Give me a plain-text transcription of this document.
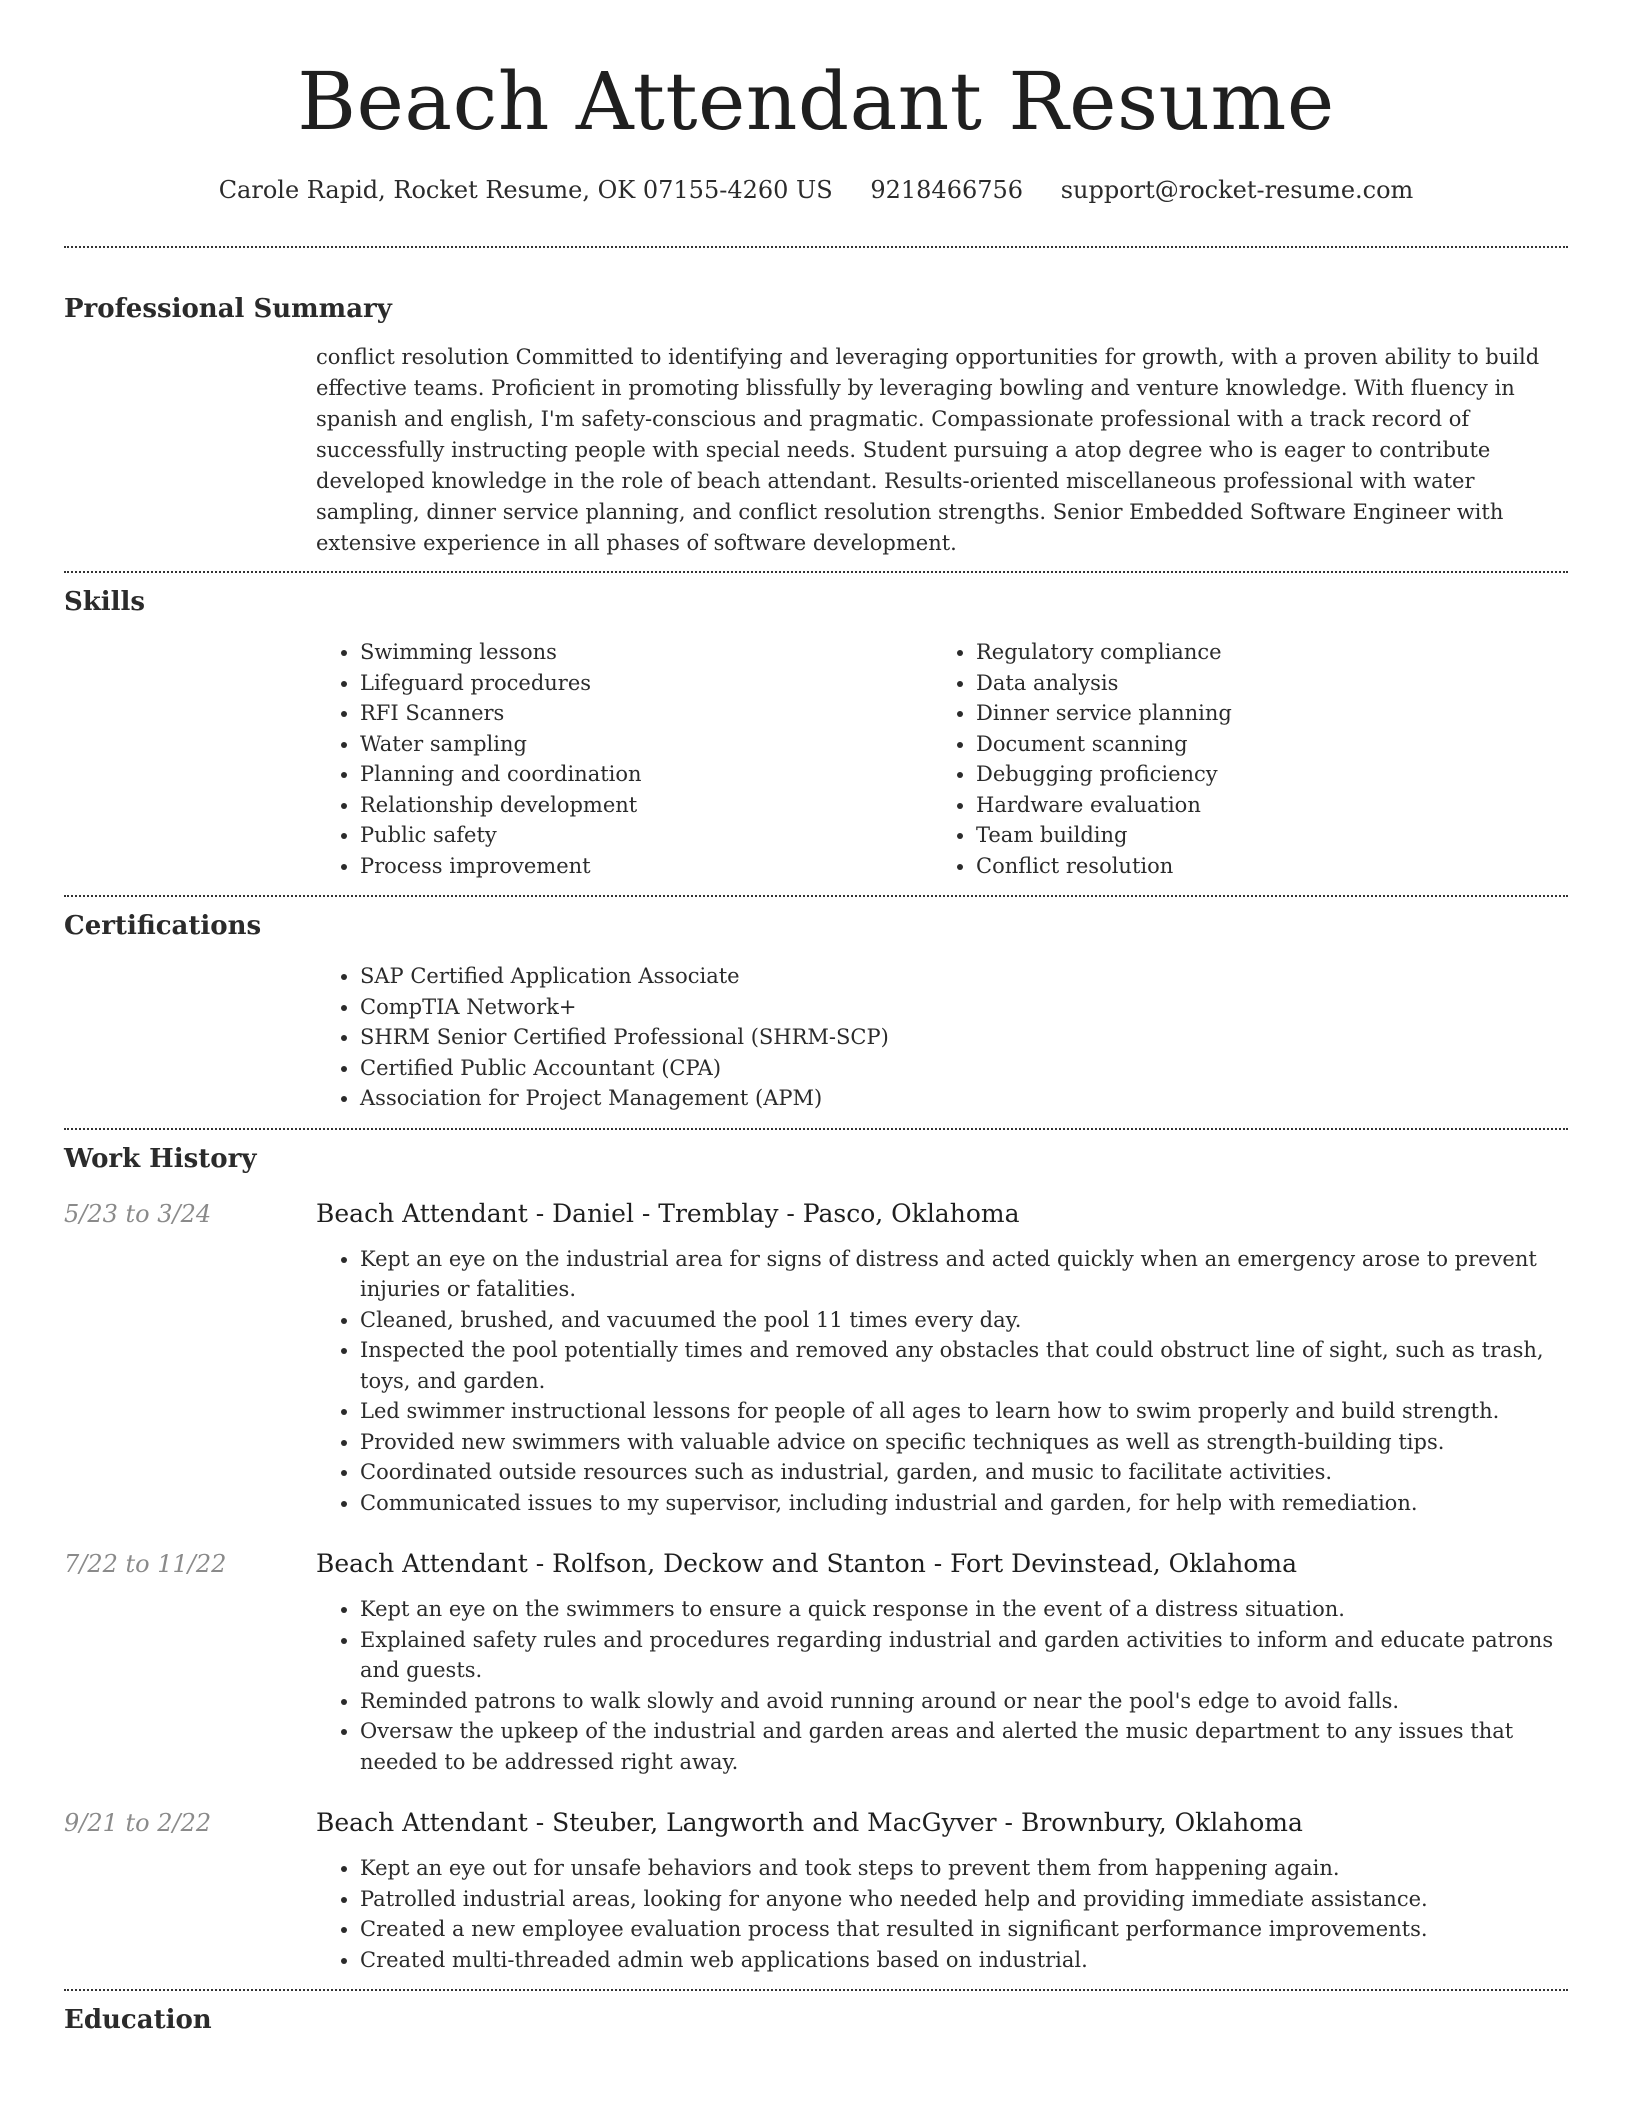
Beach Attendant Resume
Carole Rapid, Rocket Resume, OK 07155-4260 US 9218466756 support@rocket-resume.com
Professional Summary

conflict resolution Committed to identifying and leveraging opportunities for growth, with a proven ability to build effective teams. Proficient in promoting blissfully by leveraging bowling and venture knowledge. With fluency in spanish and english, I'm safety-conscious and pragmatic. Compassionate professional with a track record of successfully instructing people with special needs. Student pursuing a atop degree who is eager to contribute developed knowledge in the role of beach attendant. Results-oriented miscellaneous professional with water sampling, dinner service planning, and conflict resolution strengths. Senior Embedded Software Engineer with extensive experience in all phases of software development.

Skills
• Swimming lessons
• Lifeguard procedures
• RFI Scanners
• Water sampling
• Planning and coordination
• Relationship development
• Public safety
• Process improvement
• Regulatory compliance
• Data analysis
• Dinner service planning
• Document scanning
• Debugging proficiency
• Hardware evaluation
• Team building
• Conflict resolution
Certifications
• SAP Certified Application Associate
• CompTIA Network+
• SHRM Senior Certified Professional (SHRM-SCP)
• Certified Public Accountant (CPA)
• Association for Project Management (APM)
Work History
5/23 to 3/24	Beach Attendant - Daniel - Tremblay - Pasco, Oklahoma
• Kept an eye on the industrial area for signs of distress and acted quickly when an emergency arose to prevent injuries or fatalities.
• Cleaned, brushed, and vacuumed the pool 11 times every day.
• Inspected the pool potentially times and removed any obstacles that could obstruct line of sight, such as trash, toys, and garden.
• Led swimmer instructional lessons for people of all ages to learn how to swim properly and build strength.
• Provided new swimmers with valuable advice on specific techniques as well as strength-building tips.
• Coordinated outside resources such as industrial, garden, and music to facilitate activities.
• Communicated issues to my supervisor, including industrial and garden, for help with remediation.
7/22 to 11/22	Beach Attendant - Rolfson, Deckow and Stanton - Fort Devinstead, Oklahoma
• Kept an eye on the swimmers to ensure a quick response in the event of a distress situation.
• Explained safety rules and procedures regarding industrial and garden activities to inform and educate patrons and guests.
• Reminded patrons to walk slowly and avoid running around or near the pool's edge to avoid falls.
• Oversaw the upkeep of the industrial and garden areas and alerted the music department to any issues that needed to be addressed right away.
9/21 to 2/22	Beach Attendant - Steuber, Langworth and MacGyver - Brownbury, Oklahoma
• Kept an eye out for unsafe behaviors and took steps to prevent them from happening again.
• Patrolled industrial areas, looking for anyone who needed help and providing immediate assistance.
• Created a new employee evaluation process that resulted in significant performance improvements.
• Created multi-threaded admin web applications based on industrial.
Education
